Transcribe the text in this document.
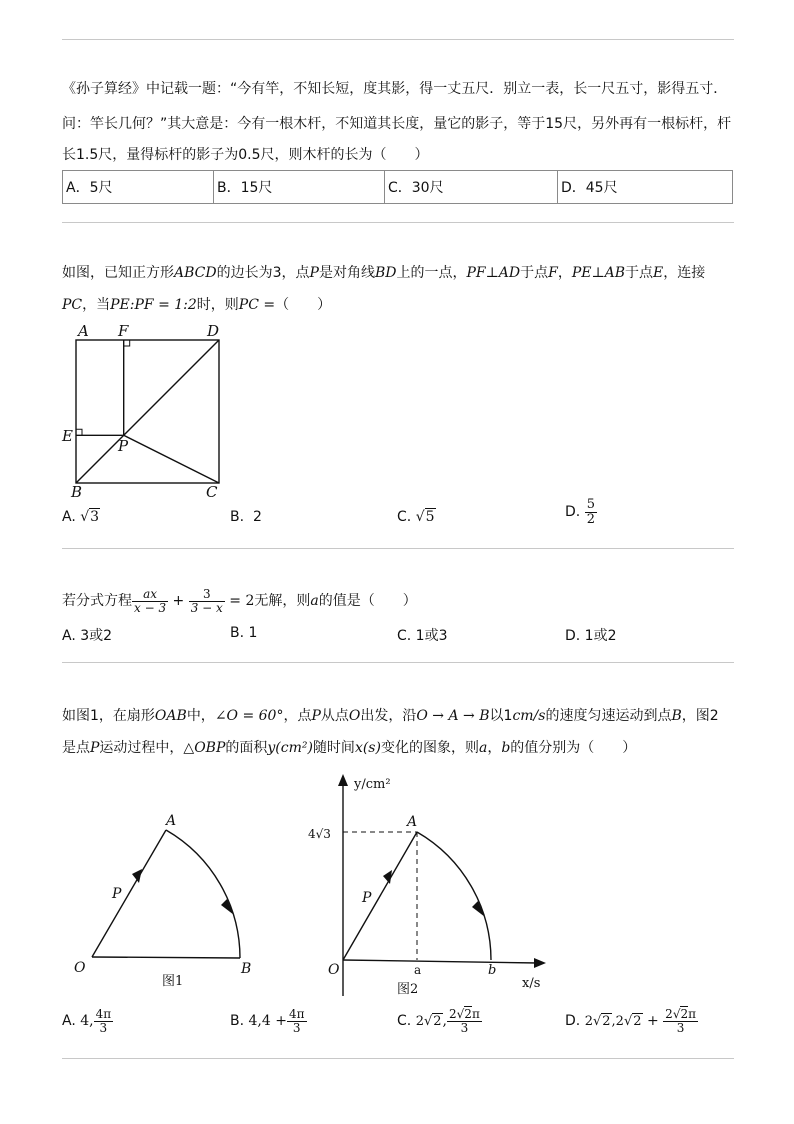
《孙子算经》中记载一题：“今有竿，不知长短，度其影，得一丈五尺．别立一表，长一尺五寸，影得五寸．
问：竿长几何？”其大意是：今有一根木杆，不知道其长度，量它的影子，等于15尺，另外再有一根标杆，杆
长1.5尺，量得标杆的影子为0.5尺，则木杆的长为（　　）
A．5尺	B．15尺	C．30尺	D．45尺
如图，已知正方形ABCD的边长为3，点P是对角线BD上的一点，PF⊥AD于点F，PE⊥AB于点E，连接
PC，当PE:PF = 1:2时，则PC =（　　）
A F	D
E
P
B	C
A. √3	B. 2	C. √5	D. $\frac{5}{2}$
若分式方程 $\frac{ax}{x - 3} + \frac{3}{3 - x} = 2$无解，则a的值是（　　）
A. 3或2	B. 1	C. 1或3	D. 1或2
如图1，在扇形OAB中，∠O = 60°，点P从点O出发，沿O → A → B以1cm/s的速度匀速运动到点B，图2
是点P运动过程中，△OBP的面积y(cm²)随时间x(s)变化的图象，则a，b的值分别为（　　）
A
P
O	B
图1
y/cm²
x/s
4√3
A
P
O	a	b
图2
A. 4, $\frac{4\pi}{3}$	B. $4,4 + \frac{4\pi}{3}$	C. 2√2, $\frac{2√2\pi}{3}$	D. $2√2,2√2 + \frac{2√2\pi}{3}$
